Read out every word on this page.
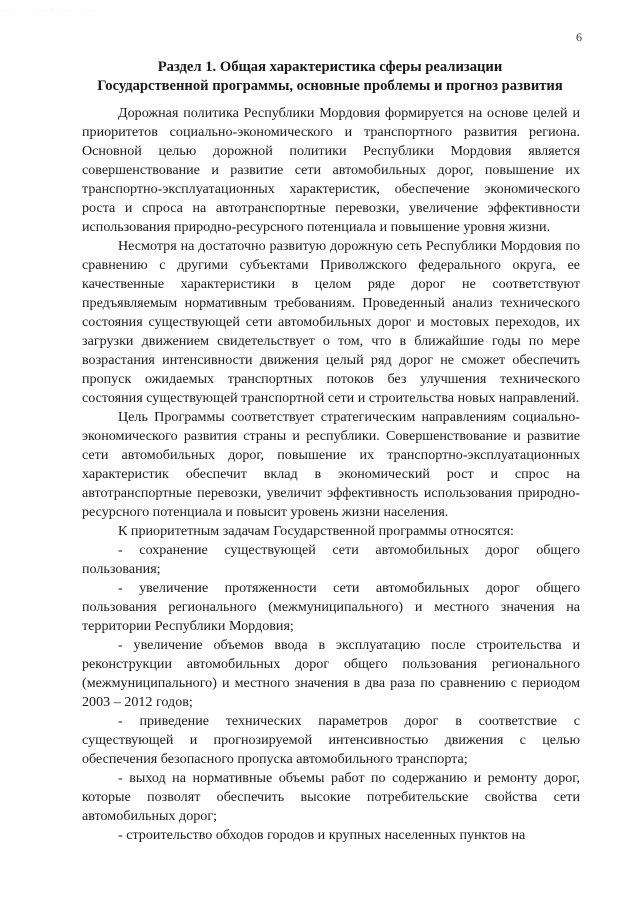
· · · · · ·· ·· · ·
6
Раздел 1. Общая характеристика сферы реализации
Государственной программы, основные проблемы и прогноз развития

Дорожная политика Республики Мордовия формируется на основе целей и приоритетов социально-экономического и транспортного развития региона. Основной целью дорожной политики Республики Мордовия является совершенствование и развитие сети автомобильных дорог, повышение их транспортно-эксплуатационных характеристик, обеспечение экономического роста и спроса на автотранспортные перевозки, увеличение эффективности использования природно-ресурсного потенциала и повышение уровня жизни.

Несмотря на достаточно развитую дорожную сеть Республики Мордовия по сравнению с другими субъектами Приволжского федерального округа, ее качественные характеристики в целом ряде дорог не соответствуют предъявляемым нормативным требованиям. Проведенный анализ технического состояния существующей сети автомобильных дорог и мостовых переходов, их загрузки движением свидетельствует о том, что в ближайшие годы по мере возрастания интенсивности движения целый ряд дорог не сможет обеспечить пропуск ожидаемых транспортных потоков без улучшения технического состояния существующей транспортной сети и строительства новых направлений.

Цель Программы соответствует стратегическим направлениям социально-экономического развития страны и республики. Совершенствование и развитие сети автомобильных дорог, повышение их транспортно-эксплуатационных характеристик обеспечит вклад в экономический рост и спрос на автотранспортные перевозки, увеличит эффективность использования природно-ресурсного потенциала и повысит уровень жизни населения.

К приоритетным задачам Государственной программы относятся:

- сохранение существующей сети автомобильных дорог общего пользования;

- увеличение протяженности сети автомобильных дорог общего пользования регионального (межмуниципального) и местного значения на территории Республики Мордовия;

- увеличение объемов ввода в эксплуатацию после строительства и реконструкции автомобильных дорог общего пользования регионального (межмуниципального) и местного значения в два раза по сравнению с периодом 2003 – 2012 годов;

- приведение технических параметров дорог в соответствие с существующей и прогнозируемой интенсивностью движения с целью обеспечения безопасного пропуска автомобильного транспорта;

- выход на нормативные объемы работ по содержанию и ремонту дорог, которые позволят обеспечить высокие потребительские свойства сети автомобильных дорог;

- строительство обходов городов и крупных населенных пунктов на
